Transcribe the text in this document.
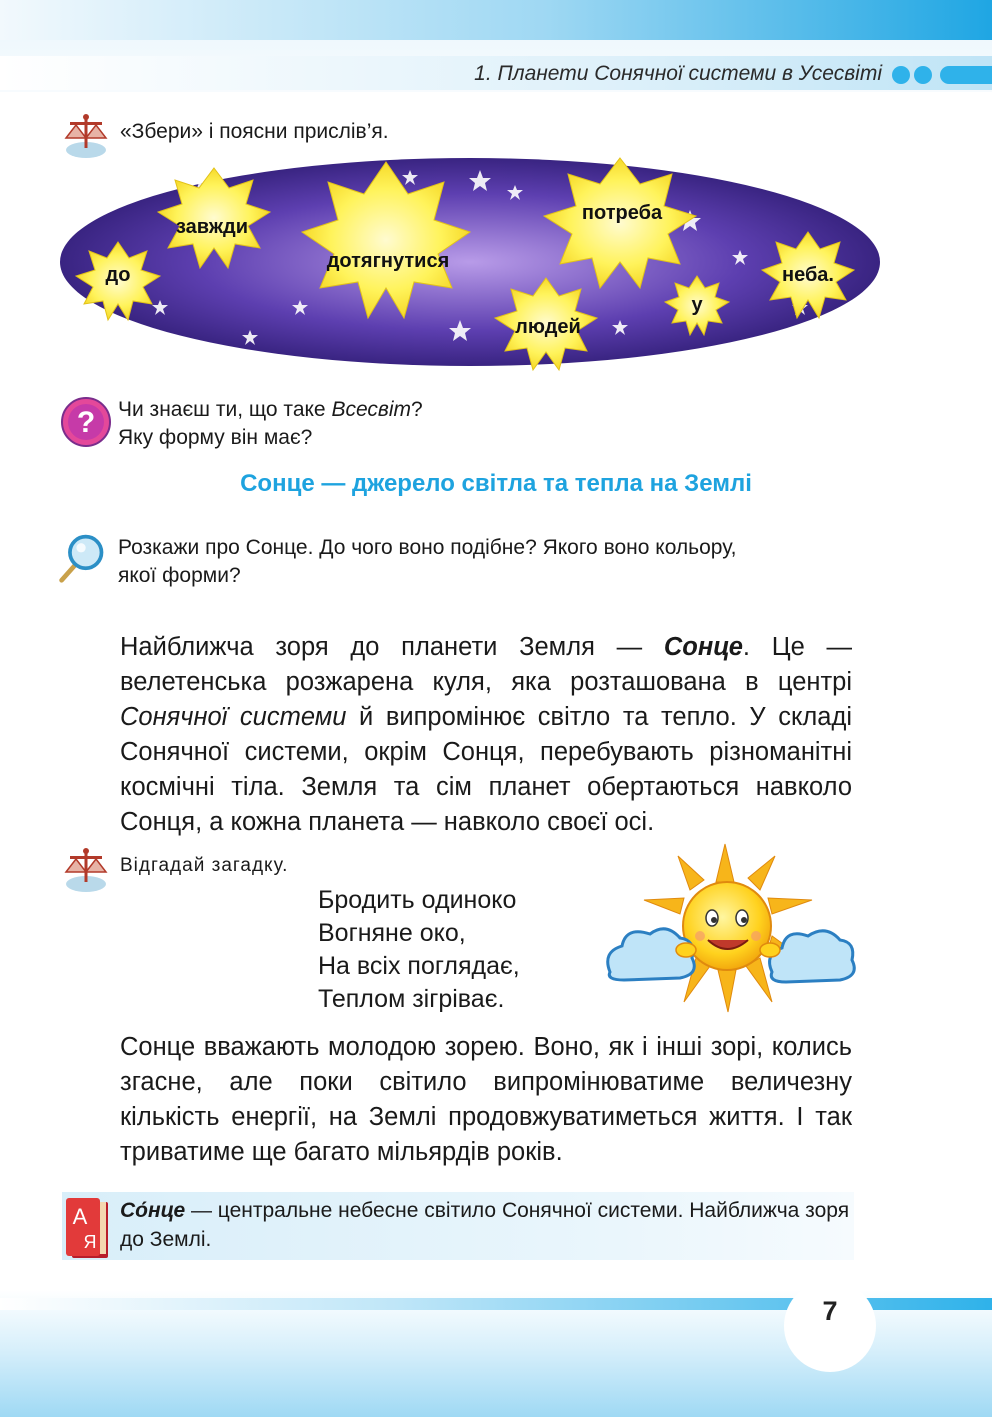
1. Планети Сонячної системи в Усесвіті
«Збери» і поясни прислів’я.
до
завжди
дотягнутися
потреба
людей
у
неба.
? Чи знаєш ти, що таке Всесвіт?
Яку форму він має?
Сонце — джерело світла та тепла на Землі
Розкажи про Сонце. До чого воно подібне? Якого воно кольору,
якої форми?

Найближча зоря до планети Земля — Сонце. Це — велетенська розжарена куля, яка розташована в центрі Сонячної системи й випромінює світло та тепло. У складі Сонячної системи, окрім Сонця, перебувають різноманітні космічні тіла. Земля та сім планет обертаються навколо Сонця, а кожна планета — навколо своєї осі.

Відгадай загадку.
Бродить одиноко
Вогняне око,
На всіх поглядає,
Теплом зігріває.

Сонце вважають молодою зорею. Воно, як і інші зорі, колись згасне, але поки світило випромінюватиме величезну кількість енергії, на Землі продовжуватиметься життя. І так триватиме ще багато мільярдів років.

А
Я
Со́нце — центральне небесне світило Сонячної системи. Найближча зоря до Землі.
7
